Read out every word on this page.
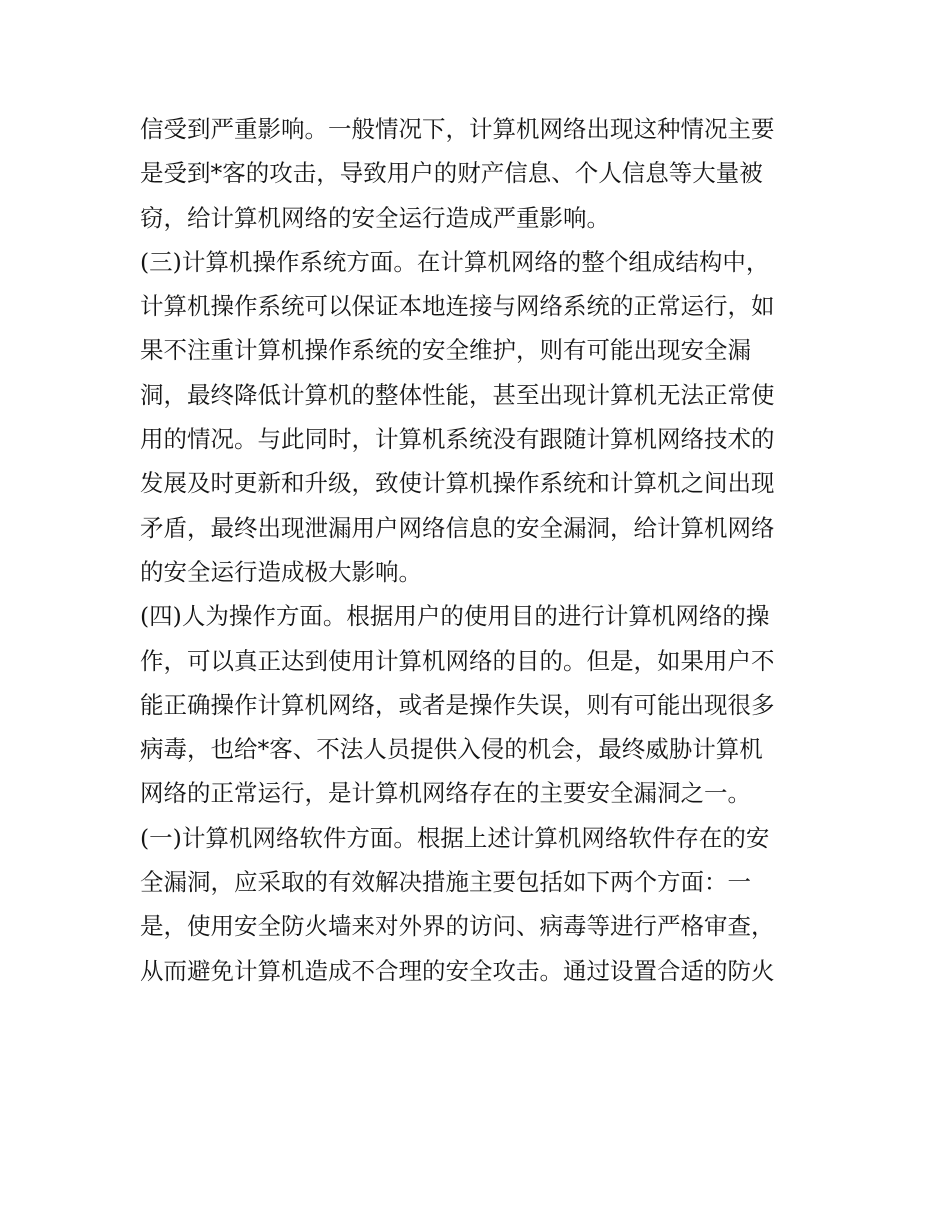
信受到严重影响。一般情况下，计算机网络出现这种情况主要
是受到*客的攻击，导致用户的财产信息、个人信息等大量被
窃，给计算机网络的安全运行造成严重影响。
(三)计算机操作系统方面。在计算机网络的整个组成结构中，
计算机操作系统可以保证本地连接与网络系统的正常运行，如
果不注重计算机操作系统的安全维护，则有可能出现安全漏
洞，最终降低计算机的整体性能，甚至出现计算机无法正常使
用的情况。与此同时，计算机系统没有跟随计算机网络技术的
发展及时更新和升级，致使计算机操作系统和计算机之间出现
矛盾，最终出现泄漏用户网络信息的安全漏洞，给计算机网络
的安全运行造成极大影响。
(四)人为操作方面。根据用户的使用目的进行计算机网络的操
作，可以真正达到使用计算机网络的目的。但是，如果用户不
能正确操作计算机网络，或者是操作失误，则有可能出现很多
病毒，也给*客、不法人员提供入侵的机会，最终威胁计算机
网络的正常运行，是计算机网络存在的主要安全漏洞之一。
(一)计算机网络软件方面。根据上述计算机网络软件存在的安
全漏洞，应采取的有效解决措施主要包括如下两个方面：一
是，使用安全防火墙来对外界的访问、病毒等进行严格审查，
从而避免计算机造成不合理的安全攻击。通过设置合适的防火
